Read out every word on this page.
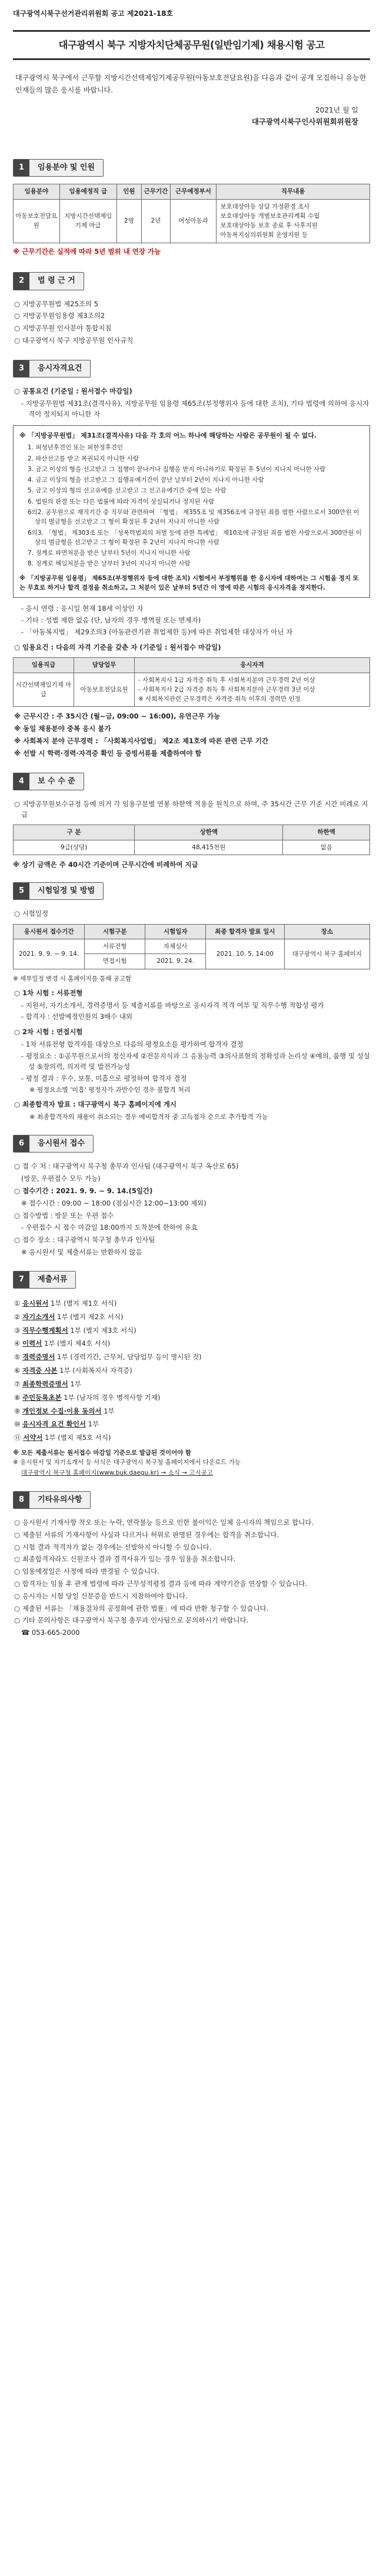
대구광역시북구선거관리위원회 공고 제2021-18호
대구광역시 북구 지방자치단체공무원(일반임기제) 채용시험 공고
대구광역시 북구에서 근무할 지방시간선택제임기제공무원(아동보호전담요원)을 다음과 같이 공개 모집하니 유능한 인재들의 많은 응시를 바랍니다.
2021년 월 일
대구광역시북구인사위원회위원장
1	임용분야 및 인원
임용분야	임용예정직 급	인원	근무기간	근무예정부서	직무내용
아동보호전담요원	지방시간선택제임기제 마급	2명	2년	여성아동과	보호대상아동 상담 가정환경 조사
보호대상아동 개별보호관리계획 수립
보호대상아동 보호 종료 후 사후지원
아동복지심의위원회 운영지원 등
※ 근무기간은 실적에 따라 5년 범위 내 연장 가능
2	법 령 근 거
○ 지방공무원법 제25조의 5
○ 지방공무원임용령 제3조의2
○ 지방공무원 인사분야 통합지침
○ 대구광역시 북구 지방공무원 인사규칙
3	응시자격요건
○ 공통요건 (기준일 : 원서접수 마감일)
- 지방공무원법 제31조(결격사유), 지방공무원 임용령 제65조(부정행위자 등에 대한 조치), 기타 법령에 의하여 응시자격이 정지되지 아니한 자
※ 「지방공무원법」 제31조(결격사유) 다음 각 호의 어느 하나에 해당하는 사람은 공무원이 될 수 없다.
1. 피성년후견인 또는 피한정후견인
2. 파산선고를 받고 복권되지 아니한 사람
3. 금고 이상의 형을 선고받고 그 집행이 끝나거나 집행을 받지 아니하기로 확정된 후 5년이 지나지 아니한 사람
4. 금고 이상의 형을 선고받고 그 집행유예기간이 끝난 날부터 2년이 지나지 아니한 사람
5. 금고 이상의 형의 선고유예를 선고받고 그 선고유예기간 중에 있는 사람
6. 법원의 판결 또는 다른 법률에 따라 자격이 상실되거나 정지된 사람
6의2. 공무원으로 재직기간 중 직무와 관련하여 「형법」 제355조 및 제356조에 규정된 죄를 범한 사람으로서 300만원 이상의 벌금형을 선고받고 그 형이 확정된 후 2년이 지나지 아니한 사람
6의3. 「형법」 제303조 또는 「성폭력범죄의 처벌 등에 관한 특례법」 제10조에 규정된 죄를 범한 사람으로서 300만원 이상의 벌금형을 선고받고 그 형이 확정된 후 2년이 지나지 아니한 사람
7. 징계로 파면처분을 받은 날부터 5년이 지나지 아니한 사람
8. 징계로 해임처분을 받은 날부터 3년이 지나지 아니한 사람
※ 「지방공무원 임용령」 제65조(부정행위자 등에 대한 조치) 시험에서 부정행위를 한 응시자에 대하여는 그 시험을 정지 또는 무효로 하거나 합격 결정을 취소하고, 그 처분이 있은 날부터 5년간 이 영에 따른 시험의 응시자격을 정지한다.
- 응시 연령 : 응시일 현재 18세 이상인 자
- 기타 : 성별 제한 없음 (단, 남자의 경우 병역필 또는 면제자)
- 「아동복지법」 제29조의3 (아동관련기관 취업제한 등)에 따른 취업제한 대상자가 아닌 자
○ 임용요건 : 다음의 자격 기준을 갖춘 자 (기준일 : 원서접수 마감일)
임용직급	담당업무	응시자격
시간선택제임기제 마급	아동보호전담요원	- 사회복지사 1급 자격증 취득 후 사회복지분야 근무경력 2년 이상
- 사회복지사 2급 자격증 취득 후 사회복지분야 근무경력 3년 이상
※ 사회복지관련 근무경력은 자격증 취득 이후의 경력만 인정
※ 근무시간 : 주 35시간 (월~금, 09:00 ~ 16:00), 유연근무 가능
※ 동일 채용분야 중복 응시 불가
※ 사회복지 분야 근무경력 : 「사회복지사업법」 제2조 제1호에 따른 관련 근무 기간
※ 선발 시 학력·경력·자격증 확인 등 증빙서류를 제출하여야 함
4	보 수 수 준
○ 지방공무원보수규정 등에 의거 각 임용구분별 연봉 하한액 적용을 원칙으로 하며, 주 35시간 근무 기준 시간 비례로 지급
구 분	상한액	하한액
9급(상당)	48,415천원	없음
※ 상기 금액은 주 40시간 기준이며 근무시간에 비례하여 지급
5	시험일정 및 방법
○ 시험일정
응시원서 접수기간	시험구분	시험일자	최종 합격자 발표 일시	장소
2021. 9. 9. ~ 9. 14.	서류전형	자체심사	2021. 10. 5. 14:00	대구광역시 북구 홈페이지
	면접시험	2021. 9. 24.		
※ 세부일정 변경 시 홈페이지를 통해 공고함
○ 1차 시험 : 서류전형
- 지원서, 자기소개서, 경력증명서 등 제출서류를 바탕으로 응시자격 적격 여부 및 직무수행 적합성 평가
- 합격자 : 선발예정인원의 3배수 내외
○ 2차 시험 : 면접시험
- 1차 서류전형 합격자를 대상으로 다음의 평정요소를 평가하여 합격자 결정
- 평정요소 : ①공무원으로서의 정신자세 ②전문지식과 그 응용능력 ③의사표현의 정확성과 논리성 ④예의, 품행 및 성실성 ⑤창의력, 의지력 및 발전가능성
- 평정 결과 : 우수, 보통, 미흡으로 평정하여 합격자 결정
※ 평정요소별 '미흡' 평정자가 과반수인 경우 불합격 처리
○ 최종합격자 발표 : 대구광역시 북구 홈페이지에 게시
※ 최종합격자의 채용이 취소되는 경우 예비합격자 중 고득점자 순으로 추가합격 가능
6	응시원서 접수
○ 접 수 처 : 대구광역시 북구청 총무과 인사팀 (대구광역시 북구 옥산로 65)
(방문, 우편접수 모두 가능)
○ 접수기간 : 2021. 9. 9. ~ 9. 14.(5일간)
※ 접수시간 : 09:00 ~ 18:00 (점심시간 12:00~13:00 제외)
○ 접수방법 : 방문 또는 우편 접수
- 우편접수 시 접수 마감일 18:00까지 도착분에 한하여 유효
○ 접수 장소 : 대구광역시 북구청 총무과 인사팀
※ 응시원서 및 제출서류는 반환하지 않음
7	제출서류
① 응시원서 1부 (별지 제1호 서식)
② 자기소개서 1부 (별지 제2호 서식)
③ 직무수행계획서 1부 (별지 제3호 서식)
④ 이력서 1부 (별지 제4호 서식)
⑤ 경력증명서 1부 (경력기간, 근무처, 담당업무 등이 명시된 것)
⑥ 자격증 사본 1부 (사회복지사 자격증)
⑦ 최종학력증명서 1부
⑧ 주민등록초본 1부 (남자의 경우 병적사항 기재)
⑨ 개인정보 수집·이용 동의서 1부
⑩ 응시자격 요건 확인서 1부
⑪ 서약서 1부 (별지 제5호 서식)
※ 모든 제출서류는 원서접수 마감일 기준으로 발급된 것이어야 함
※ 응시원서 및 자기소개서 등 서식은 대구광역시 북구청 홈페이지에서 다운로드 가능
대구광역시 북구청 홈페이지(www.buk.daegu.kr) → 소식 → 고시공고
8	기타유의사항
○ 응시원서 기재사항 착오 또는 누락, 연락불능 등으로 인한 불이익은 일체 응시자의 책임으로 합니다.
○ 제출된 서류의 기재사항이 사실과 다르거나 허위로 판명된 경우에는 합격을 취소합니다.
○ 시험 결과 적격자가 없는 경우에는 선발하지 아니할 수 있습니다.
○ 최종합격자라도 신원조사 결과 결격사유가 있는 경우 임용을 취소합니다.
○ 임용예정일은 사정에 따라 변경될 수 있습니다.
○ 합격자는 임용 후 관계 법령에 따라 근무성적평정 결과 등에 따라 계약기간을 연장할 수 있습니다.
○ 응시자는 시험 당일 신분증을 반드시 지참하여야 합니다.
○ 제출된 서류는 「채용절차의 공정화에 관한 법률」에 따라 반환 청구할 수 있습니다.
○ 기타 문의사항은 대구광역시 북구청 총무과 인사팀으로 문의하시기 바랍니다.
☎ 053-665-2000
